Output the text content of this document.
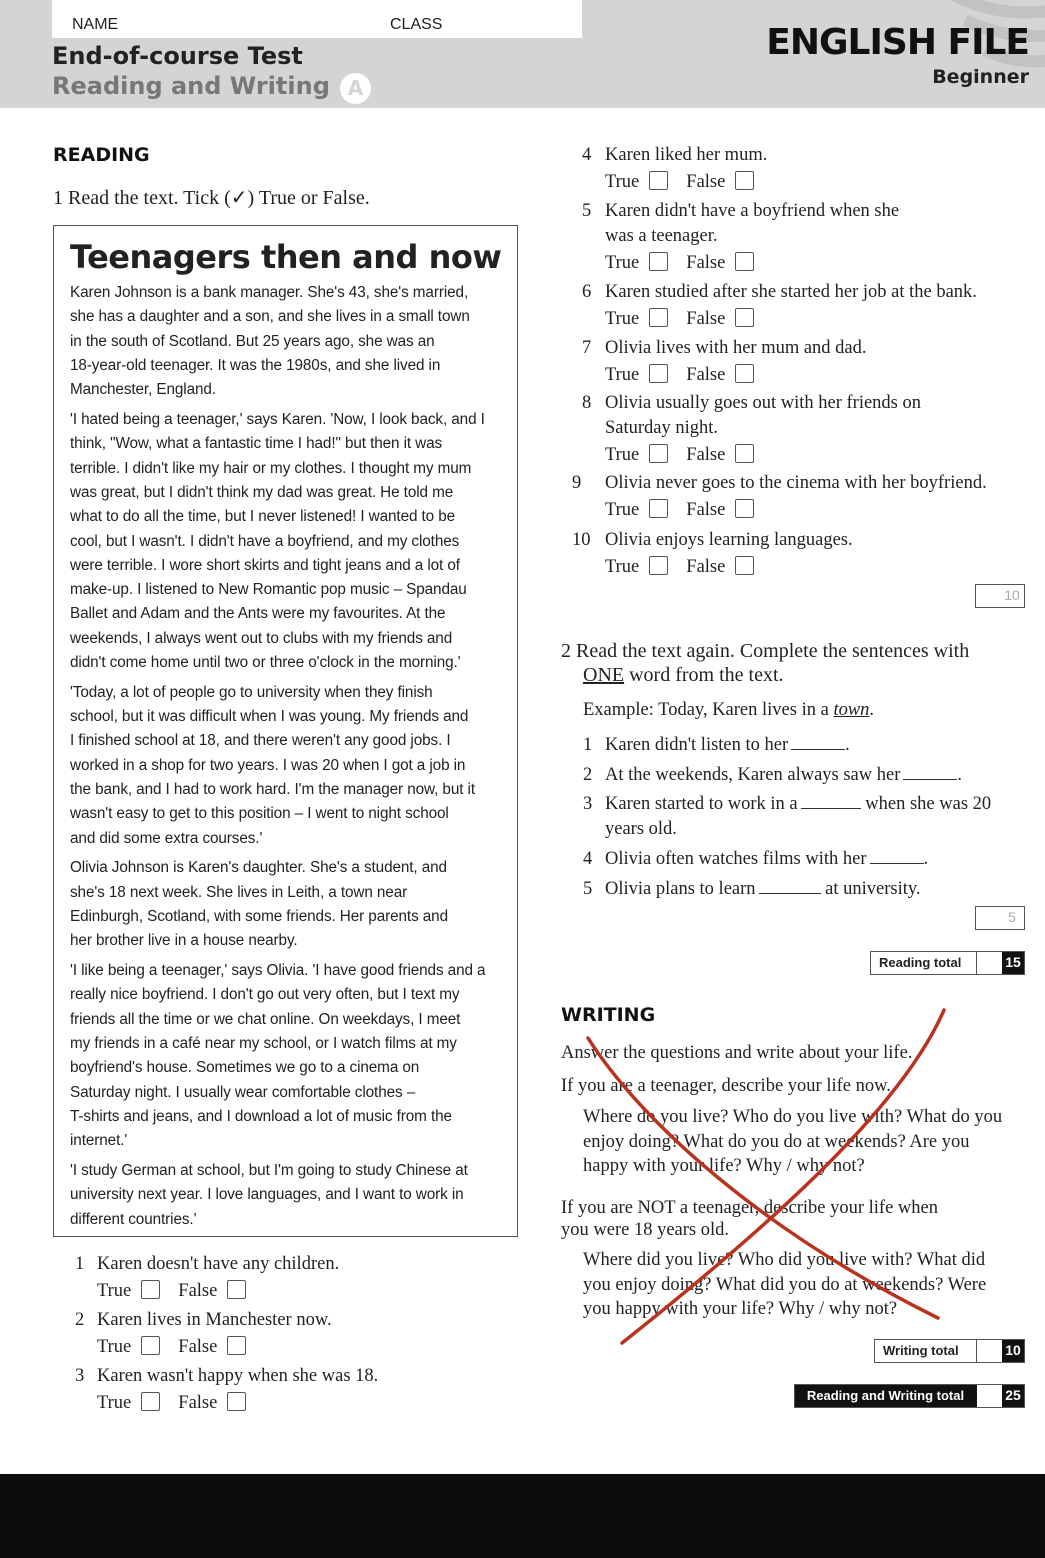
NAME	CLASS
End-of-course Test
Reading and Writing A
ENGLISH FILE
Beginner
READING
1 Read the text. Tick (✓) True or False.
Teenagers then and now
Karen Johnson is a bank manager. She's 43, she's married,
she has a daughter and a son, and she lives in a small town
in the south of Scotland. But 25 years ago, she was an
18-year-old teenager. It was the 1980s, and she lived in
Manchester, England.
'I hated being a teenager,' says Karen. 'Now, I look back, and I
think, "Wow, what a fantastic time I had!" but then it was
terrible. I didn't like my hair or my clothes. I thought my mum
was great, but I didn't think my dad was great. He told me
what to do all the time, but I never listened! I wanted to be
cool, but I wasn't. I didn't have a boyfriend, and my clothes
were terrible. I wore short skirts and tight jeans and a lot of
make-up. I listened to New Romantic pop music – Spandau
Ballet and Adam and the Ants were my favourites. At the
weekends, I always went out to clubs with my friends and
didn't come home until two or three o'clock in the morning.'
'Today, a lot of people go to university when they finish
school, but it was difficult when I was young. My friends and
I finished school at 18, and there weren't any good jobs. I
worked in a shop for two years. I was 20 when I got a job in
the bank, and I had to work hard. I'm the manager now, but it
wasn't easy to get to this position – I went to night school
and did some extra courses.'
Olivia Johnson is Karen's daughter. She's a student, and
she's 18 next week. She lives in Leith, a town near
Edinburgh, Scotland, with some friends. Her parents and
her brother live in a house nearby.
'I like being a teenager,' says Olivia. 'I have good friends and a
really nice boyfriend. I don't go out very often, but I text my
friends all the time or we chat online. On weekdays, I meet
my friends in a café near my school, or I watch films at my
boyfriend's house. Sometimes we go to a cinema on
Saturday night. I usually wear comfortable clothes –
T-shirts and jeans, and I download a lot of music from the
internet.'
'I study German at school, but I'm going to study Chinese at
university next year. I love languages, and I want to work in
different countries.'
1 Karen doesn't have any children.
True	False
2 Karen lives in Manchester now.
True	False
3 Karen wasn't happy when she was 18.
True	False
4 Karen liked her mum.
True	False
5 Karen didn't have a boyfriend when she
was a teenager.
True	False
6 Karen studied after she started her job at the bank.
True	False
7 Olivia lives with her mum and dad.
True	False
8 Olivia usually goes out with her friends on
Saturday night.
True	False
9 Olivia never goes to the cinema with her boyfriend.
True	False
10 Olivia enjoys learning languages.
True	False
10
2 Read the text again. Complete the sentences with
ONE word from the text.
Example: Today, Karen lives in a town.
1 Karen didn't listen to her	.
2 At the weekends, Karen always saw her	.
3 Karen started to work in a	when she was 20
4 Olivia often watches films with her	.
5 Olivia plans to learn	at university.
years old.
5
Reading total	15
WRITING
Answer the questions and write about your life.
If you are a teenager, describe your life now.
Where do you live? Who do you live with? What do you
enjoy doing? What do you do at weekends? Are you
happy with your life? Why / why not?
If you are NOT a teenager, describe your life when
you were 18 years old.
Where did you live? Who did you live with? What did
you enjoy doing? What did you do at weekends? Were
you happy with your life? Why / why not?
Writing total	10
Reading and Writing total	25
